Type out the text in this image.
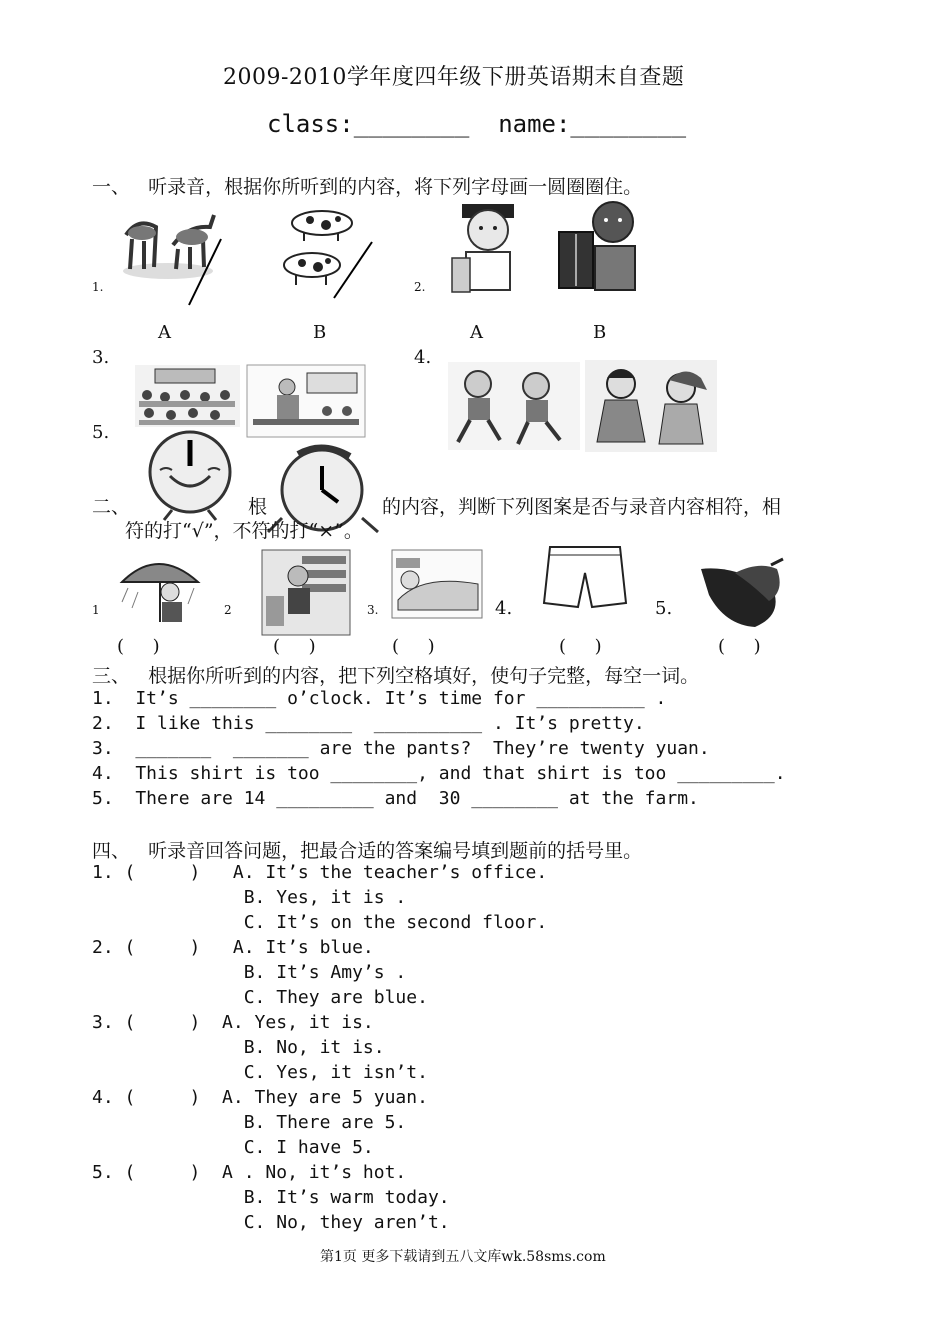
2009-2010学年度四年级下册英语期末自查题
class:________  name:________
一、   听录音，根据你所听到的内容，将下列字母画一圆圈圈住。
1.	2.
A	B	A	B
3.	4.
5.
二、	根	的内容，判断下列图案是否与录音内容相符，相
符的打“√”，不符的打“×”。
1	2	3.	4.	5.
(     )	(     )	(     )	(     )	(     )
三、   根据你所听到的内容，把下列空格填好，使句子完整，每空一词。
1.  It’s ________ o’clock. It’s time for __________ .
2.  I like this ________  __________ . It’s pretty.
3.  _______  _______ are the pants?  They’re twenty yuan.
4.  This shirt is too ________, and that shirt is too _________.
5.  There are 14 _________ and  30 ________ at the farm.
四、   听录音回答问题，把最合适的答案编号填到题前的括号里。
1. (     )   A. It’s the teacher’s office.
B. Yes, it is .
C. It’s on the second floor.
2. (     )   A. It’s blue.
B. It’s Amy’s .
C. They are blue.
3. (     )  A. Yes, it is.
B. No, it is.
C. Yes, it isn’t.
4. (     )  A. They are 5 yuan.
B. There are 5.
C. I have 5.
5. (     )  A . No, it’s hot.
B. It’s warm today.
C. No, they aren’t.
第1页 更多下载请到五八文库wk.58sms.com
